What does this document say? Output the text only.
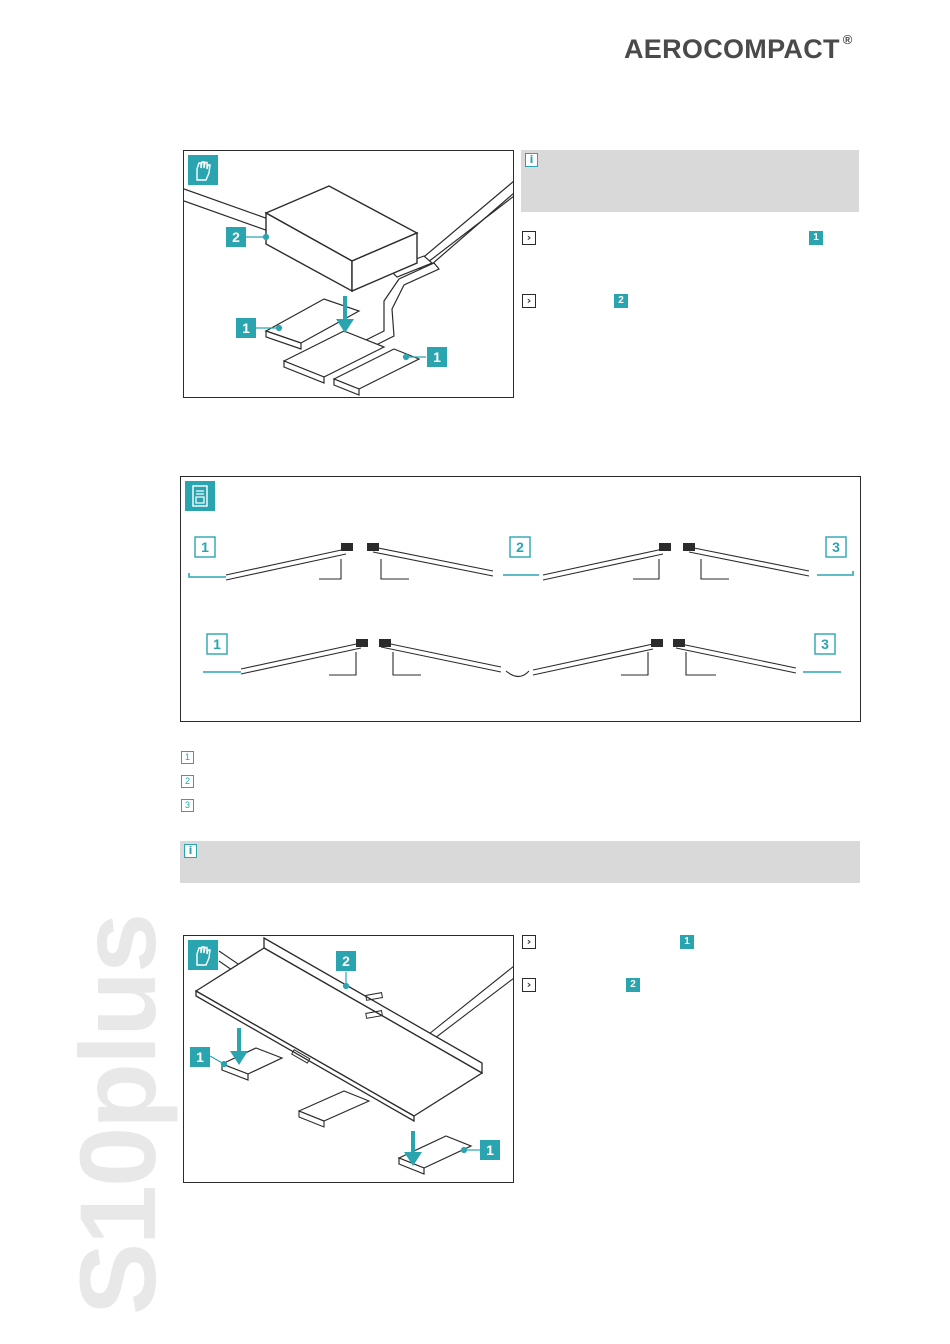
AEROCOMPACT ®
S10plus
2
1
1
i
›	1
›	2
1	2	3
1	3
1
2
3
i
2
1
1
›	1
›	2
